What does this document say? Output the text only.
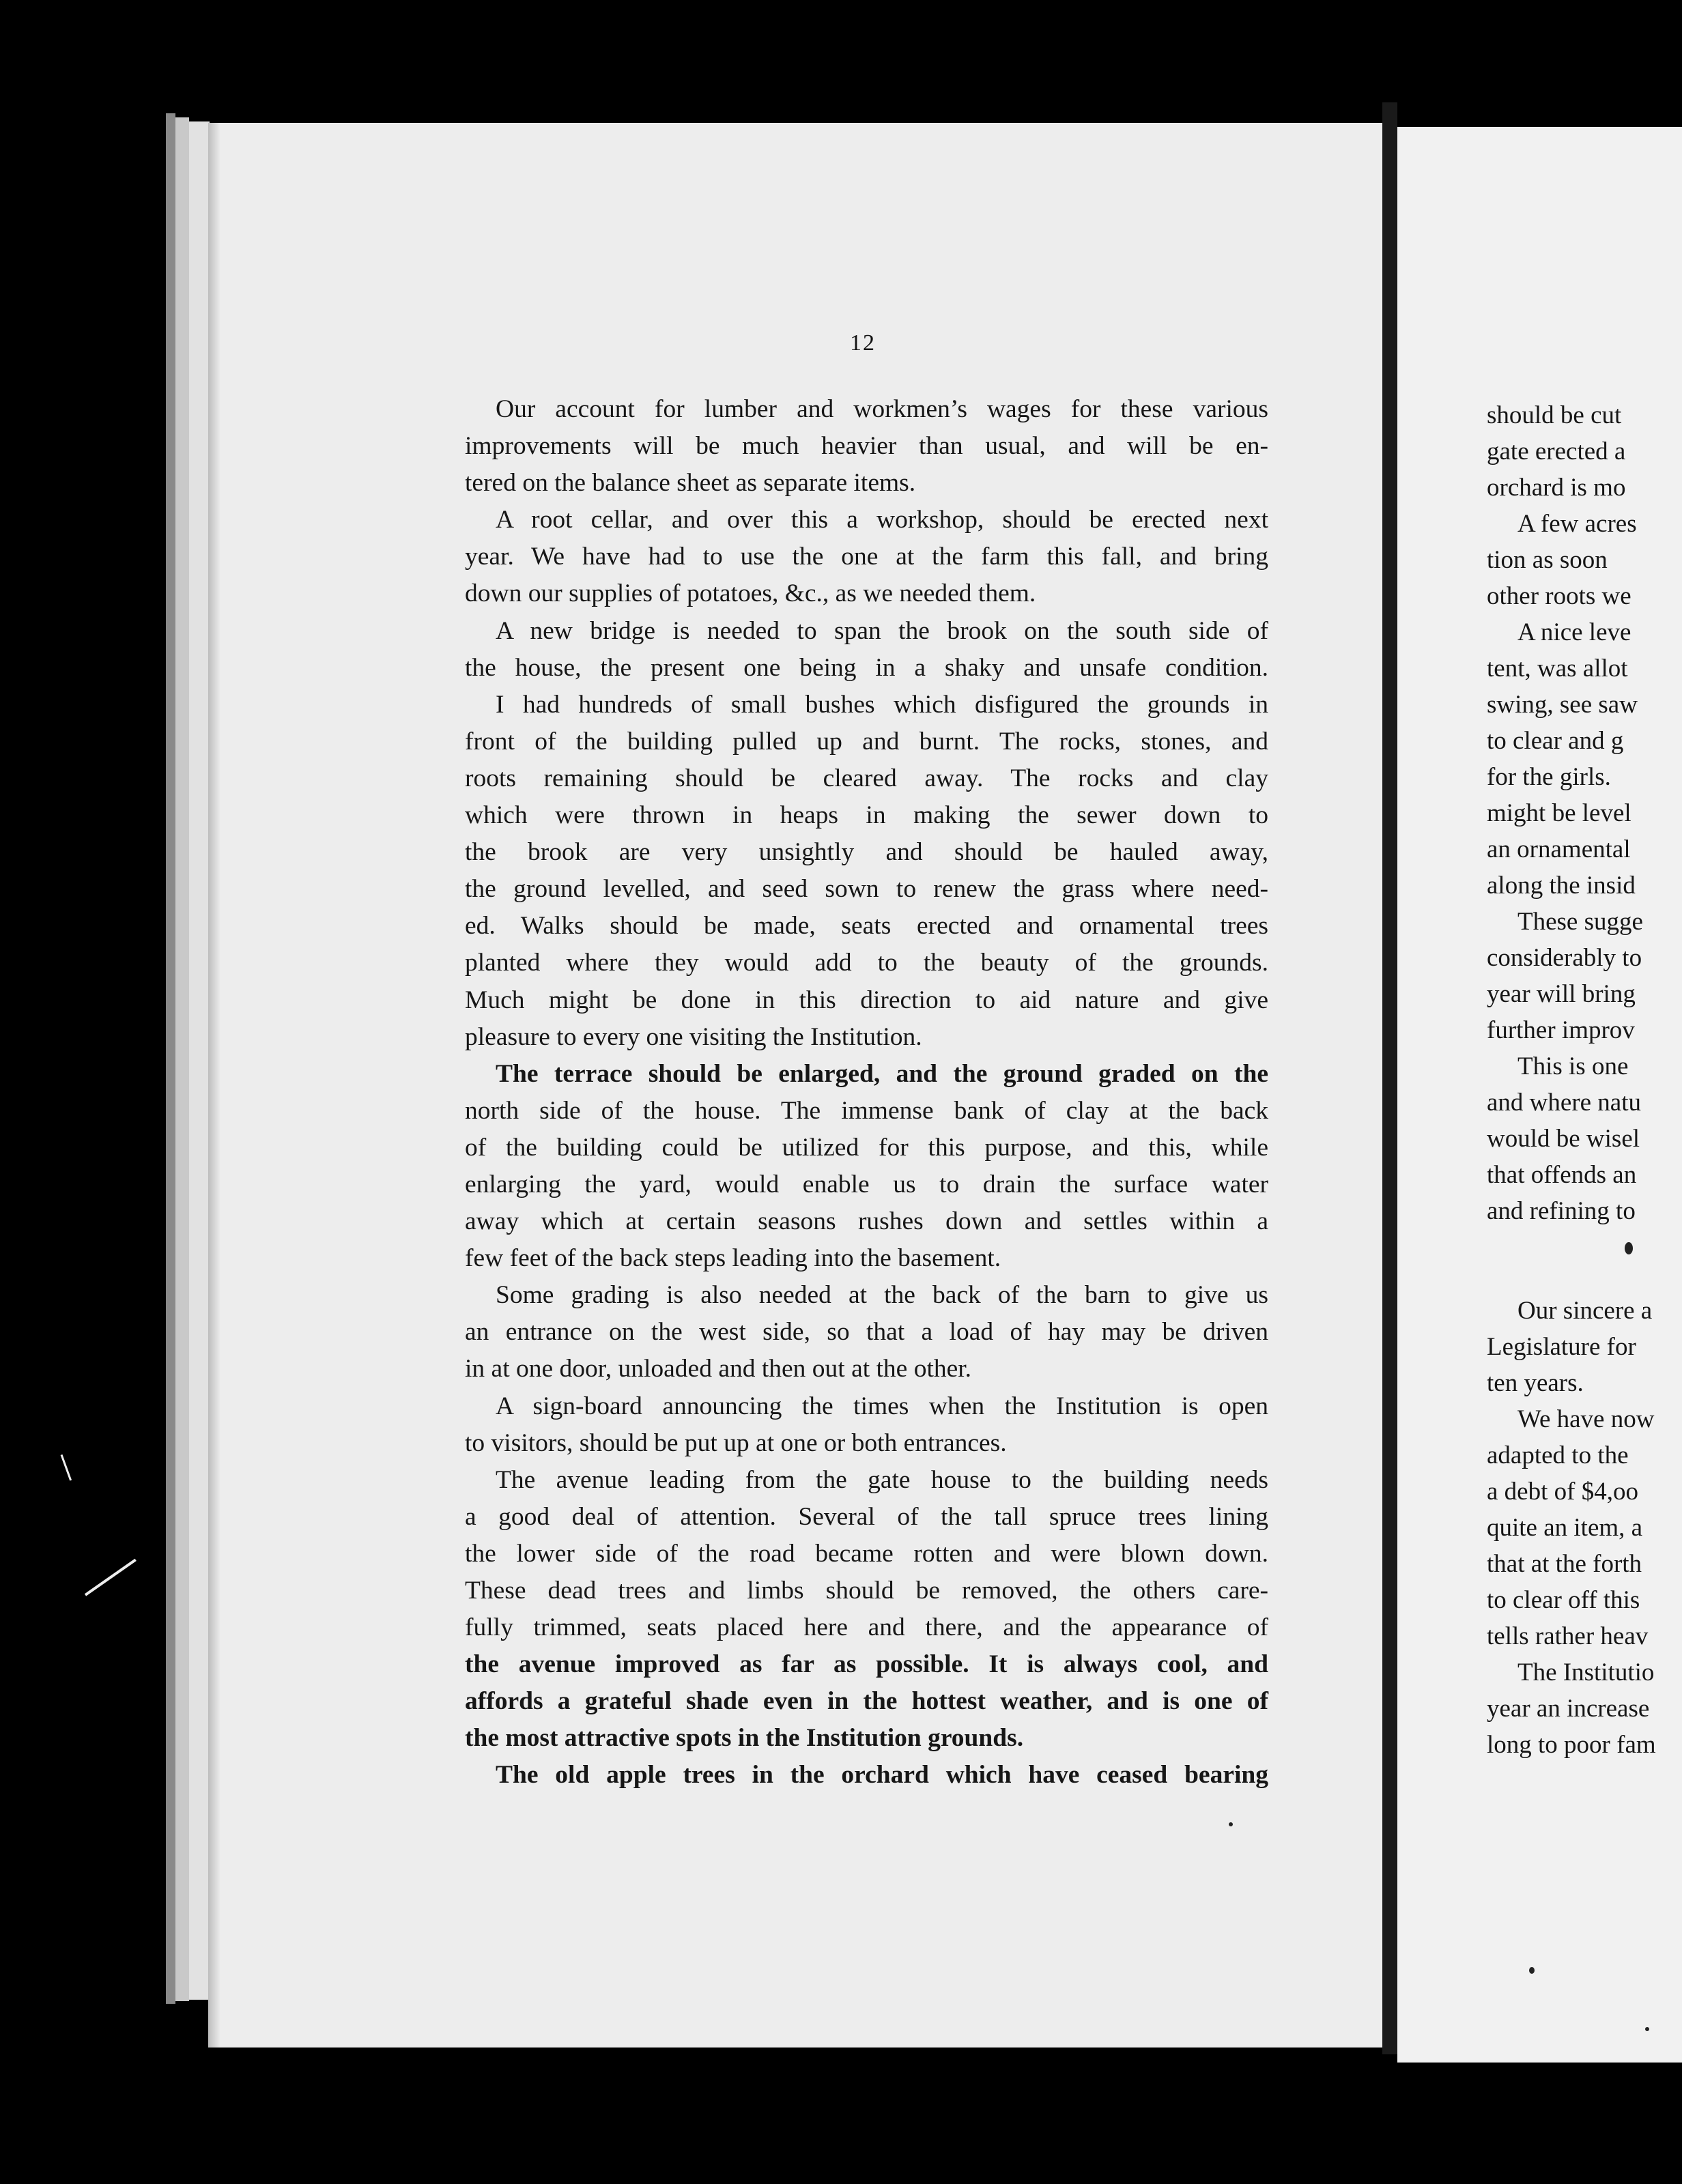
12

Our account for lumber and workmen’s wages for these various

improvements will be much heavier than usual, and will be en-

tered on the balance sheet as separate items.

A root cellar, and over this a workshop, should be erected next

year. We have had to use the one at the farm this fall, and bring

down our supplies of potatoes, &c., as we needed them.

A new bridge is needed to span the brook on the south side of

the house, the present one being in a shaky and unsafe condition.

I had hundreds of small bushes which disfigured the grounds in

front of the building pulled up and burnt. The rocks, stones, and

roots remaining should be cleared away. The rocks and clay

which were thrown in heaps in making the sewer down to

the brook are very unsightly and should be hauled away,

the ground levelled, and seed sown to renew the grass where need-

ed. Walks should be made, seats erected and ornamental trees

planted where they would add to the beauty of the grounds.

Much might be done in this direction to aid nature and give

pleasure to every one visiting the Institution.

The terrace should be enlarged, and the ground graded on the

north side of the house. The immense bank of clay at the back

of the building could be utilized for this purpose, and this, while

enlarging the yard, would enable us to drain the surface water

away which at certain seasons rushes down and settles within a

few feet of the back steps leading into the basement.

Some grading is also needed at the back of the barn to give us

an entrance on the west side, so that a load of hay may be driven

in at one door, unloaded and then out at the other.

A sign-board announcing the times when the Institution is open

to visitors, should be put up at one or both entrances.

The avenue leading from the gate house to the building needs

a good deal of attention. Several of the tall spruce trees lining

the lower side of the road became rotten and were blown down.

These dead trees and limbs should be removed, the others care-

fully trimmed, seats placed here and there, and the appearance of

the avenue improved as far as possible. It is always cool, and

affords a grateful shade even in the hottest weather, and is one of

the most attractive spots in the Institution grounds.

The old apple trees in the orchard which have ceased bearing

should be cut
gate erected a
orchard is mo
A few acres
tion as soon
other roots we
A nice leve
tent, was allot
swing, see saw
to clear and g
for the girls.
might be level
an ornamental
along the insid
These sugge
considerably to
year will bring
further improv
This is one
and where natu
would be wisel
that offends an
and refining to
Our sincere a
Legislature for
ten years.
We have now
adapted to the
a debt of $4,oo
quite an item, a
that at the forth
to clear off this
tells rather heav
The Institutio
year an increase
long to poor fam
